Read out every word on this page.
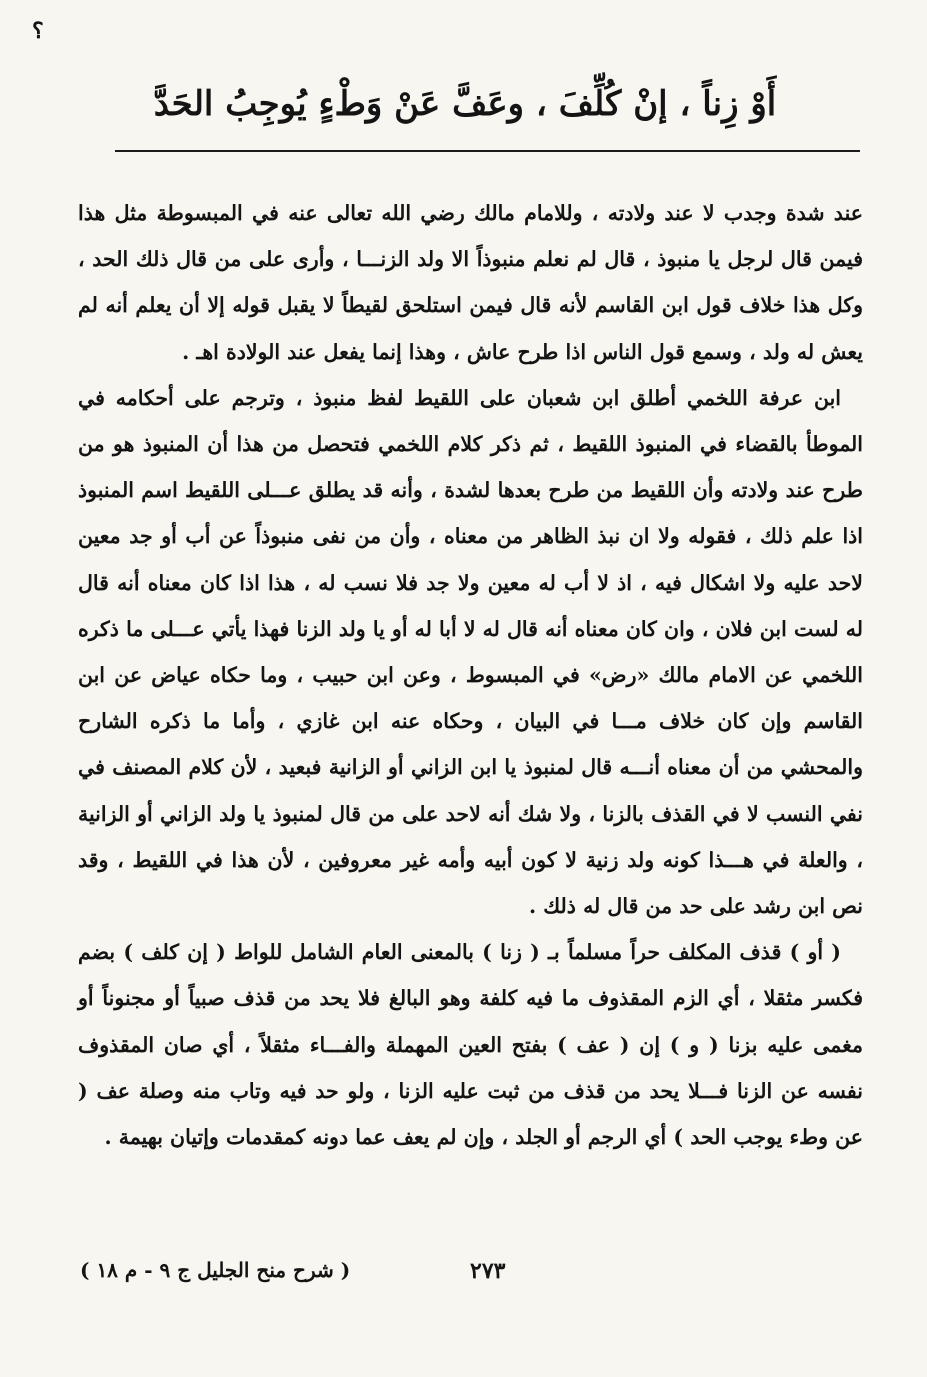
؟
أَوْ زِناً ، إنْ كُلِّفَ ، وعَفَّ عَنْ وَطْءٍ يُوجِبُ الحَدَّ

عند شدة وجدب لا عند ولادته ، وللامام مالك رضي الله تعالى عنه في المبسوطة مثل هذا فيمن قال لرجل يا منبوذ ، قال لم نعلم منبوذاً الا ولد الزنـــا ، وأرى على من قال ذلك الحد ، وكل هذا خلاف قول ابن القاسم لأنه قال فيمن استلحق لقيطاً لا يقبل قوله إلا أن يعلم أنه لم يعش له ولد ، وسمع قول الناس اذا طرح عاش ، وهذا إنما يفعل عند الولادة اهـ .

ابن عرفة اللخمي أطلق ابن شعبان على اللقيط لفظ منبوذ ، وترجم على أحكامه في الموطأ بالقضاء في المنبوذ اللقيط ، ثم ذكر كلام اللخمي فتحصل من هذا أن المنبوذ هو من طرح عند ولادته وأن اللقيط من طرح بعدها لشدة ، وأنه قد يطلق عـــلى اللقيط اسم المنبوذ اذا علم ذلك ، فقوله ولا ان نبذ الظاهر من معناه ، وأن من نفى منبوذاً عن أب أو جد معين لاحد عليه ولا اشكال فيه ، اذ لا أب له معين ولا جد فلا نسب له ، هذا اذا كان معناه أنه قال له لست ابن فلان ، وان كان معناه أنه قال له لا أبا له أو يا ولد الزنا فهذا يأتي عـــلى ما ذكره اللخمي عن الامام مالك «رض» في المبسوط ، وعن ابن حبيب ، وما حكاه عياض عن ابن القاسم وإن كان خلاف مـــا في البيان ، وحكاه عنه ابن غازي ، وأما ما ذكره الشارح والمحشي من أن معناه أنـــه قال لمنبوذ يا ابن الزاني أو الزانية فبعيد ، لأن كلام المصنف في نفي النسب لا في القذف بالزنا ، ولا شك أنه لاحد على من قال لمنبوذ يا ولد الزاني أو الزانية ، والعلة في هـــذا كونه ولد زنية لا كون أبيه وأمه غير معروفين ، لأن هذا في اللقيط ، وقد نص ابن رشد على حد من قال له ذلك .

( أو ) قذف المكلف حراً مسلماً بـ ( زنا ) بالمعنى العام الشامل للواط ( إن كلف ) بضم فكسر مثقلا ، أي الزم المقذوف ما فيه كلفة وهو البالغ فلا يحد من قذف صبياً أو مجنوناً أو مغمى عليه بزنا ( و ) إن ( عف ) بفتح العين المهملة والفـــاء مثقلاً ، أي صان المقذوف نفسه عن الزنا فـــلا يحد من قذف من ثبت عليه الزنا ، ولو حد فيه وتاب منه وصلة عف ( عن وطء يوجب الحد ) أي الرجم أو الجلد ، وإن لم يعف عما دونه كمقدمات وإتيان بهيمة .

( شرح منح الجليل ج ٩ - م ١٨ )	٢٧٣
